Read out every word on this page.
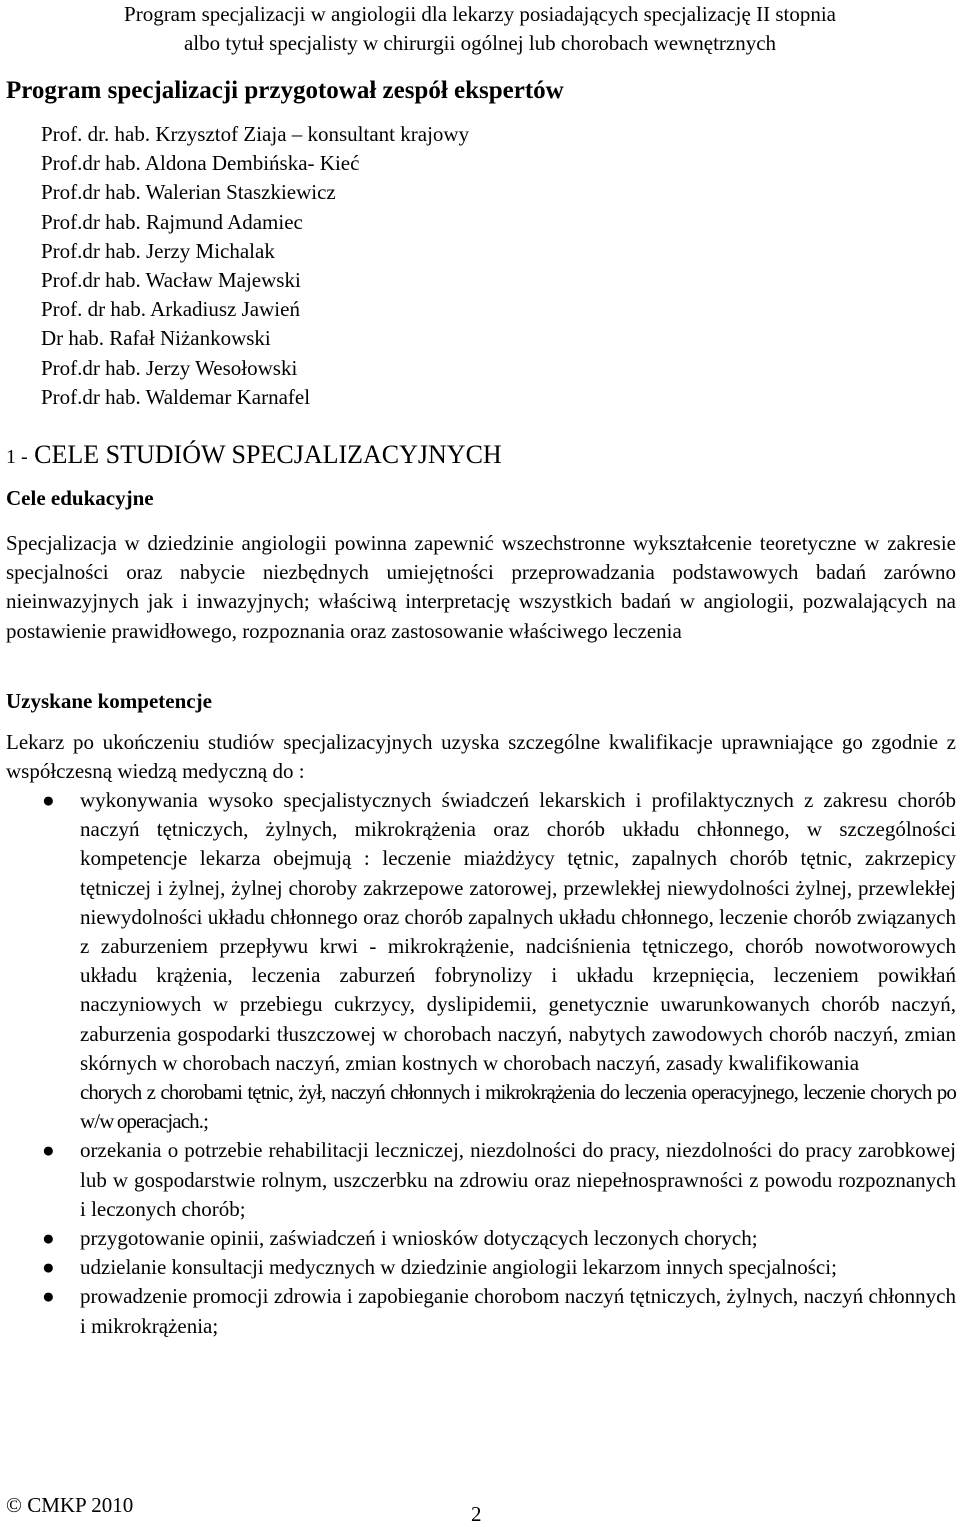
Program specjalizacji w angiologii dla lekarzy posiadających specjalizację II stopnia
albo tytuł specjalisty w chirurgii ogólnej lub chorobach wewnętrznych
Program specjalizacji przygotował zespół ekspertów
Prof. dr. hab. Krzysztof Ziaja – konsultant krajowy
Prof.dr hab. Aldona Dembińska- Kieć
Prof.dr hab. Walerian Staszkiewicz
Prof.dr hab. Rajmund Adamiec
Prof.dr hab. Jerzy Michalak
Prof.dr hab. Wacław Majewski
Prof. dr hab. Arkadiusz Jawień
Dr hab. Rafał Niżankowski
Prof.dr hab. Jerzy Wesołowski
Prof.dr hab. Waldemar Karnafel
1 - CELE STUDIÓW SPECJALIZACYJNYCH
Cele edukacyjne
Specjalizacja w dziedzinie angiologii powinna zapewnić wszechstronne wykształcenie teoretyczne w zakresie specjalności oraz nabycie niezbędnych umiejętności przeprowadzania podstawowych badań zarówno nieinwazyjnych jak i inwazyjnych; właściwą interpretację wszystkich badań w angiologii, pozwalających na postawienie prawidłowego, rozpoznania oraz zastosowanie właściwego leczenia
Uzyskane kompetencje
Lekarz po ukończeniu studiów specjalizacyjnych uzyska szczególne kwalifikacje uprawniające go zgodnie z współczesną wiedzą medyczną do :
● wykonywania wysoko specjalistycznych świadczeń lekarskich i profilaktycznych z zakresu chorób naczyń tętniczych, żylnych, mikrokrążenia oraz chorób układu chłonnego, w szczególności kompetencje lekarza obejmują : leczenie miażdżycy tętnic, zapalnych chorób tętnic, zakrzepicy tętniczej i żylnej, żylnej choroby zakrzepowe zatorowej, przewlekłej niewydolności żylnej, przewlekłej niewydolności układu chłonnego oraz chorób zapalnych układu chłonnego, leczenie chorób związanych z zaburzeniem przepływu krwi - mikrokrążenie, nadciśnienia tętniczego, chorób nowotworowych układu krążenia, leczenia zaburzeń fobrynolizy i układu krzepnięcia, leczeniem powikłań naczyniowych w przebiegu cukrzycy, dyslipidemii, genetycznie uwarunkowanych chorób naczyń, zaburzenia gospodarki tłuszczowej w chorobach naczyń, nabytych zawodowych chorób naczyń, zmian skórnych w chorobach naczyń, zmian kostnych w chorobach naczyń, zasady kwalifikowania
chorych z chorobami tętnic, żył, naczyń chłonnych i mikrokrążenia do leczenia operacyjnego, leczenie chorych po w/w operacjach.;
● orzekania o potrzebie rehabilitacji leczniczej, niezdolności do pracy, niezdolności do pracy zarobkowej lub w gospodarstwie rolnym, uszczerbku na zdrowiu oraz niepełnosprawności z powodu rozpoznanych i leczonych chorób;
● przygotowanie opinii, zaświadczeń i wniosków dotyczących leczonych chorych;
● udzielanie konsultacji medycznych w dziedzinie angiologii lekarzom innych specjalności;
● prowadzenie promocji zdrowia i zapobieganie chorobom naczyń tętniczych, żylnych, naczyń chłonnych i mikrokrążenia;
© CMKP 2010	2
